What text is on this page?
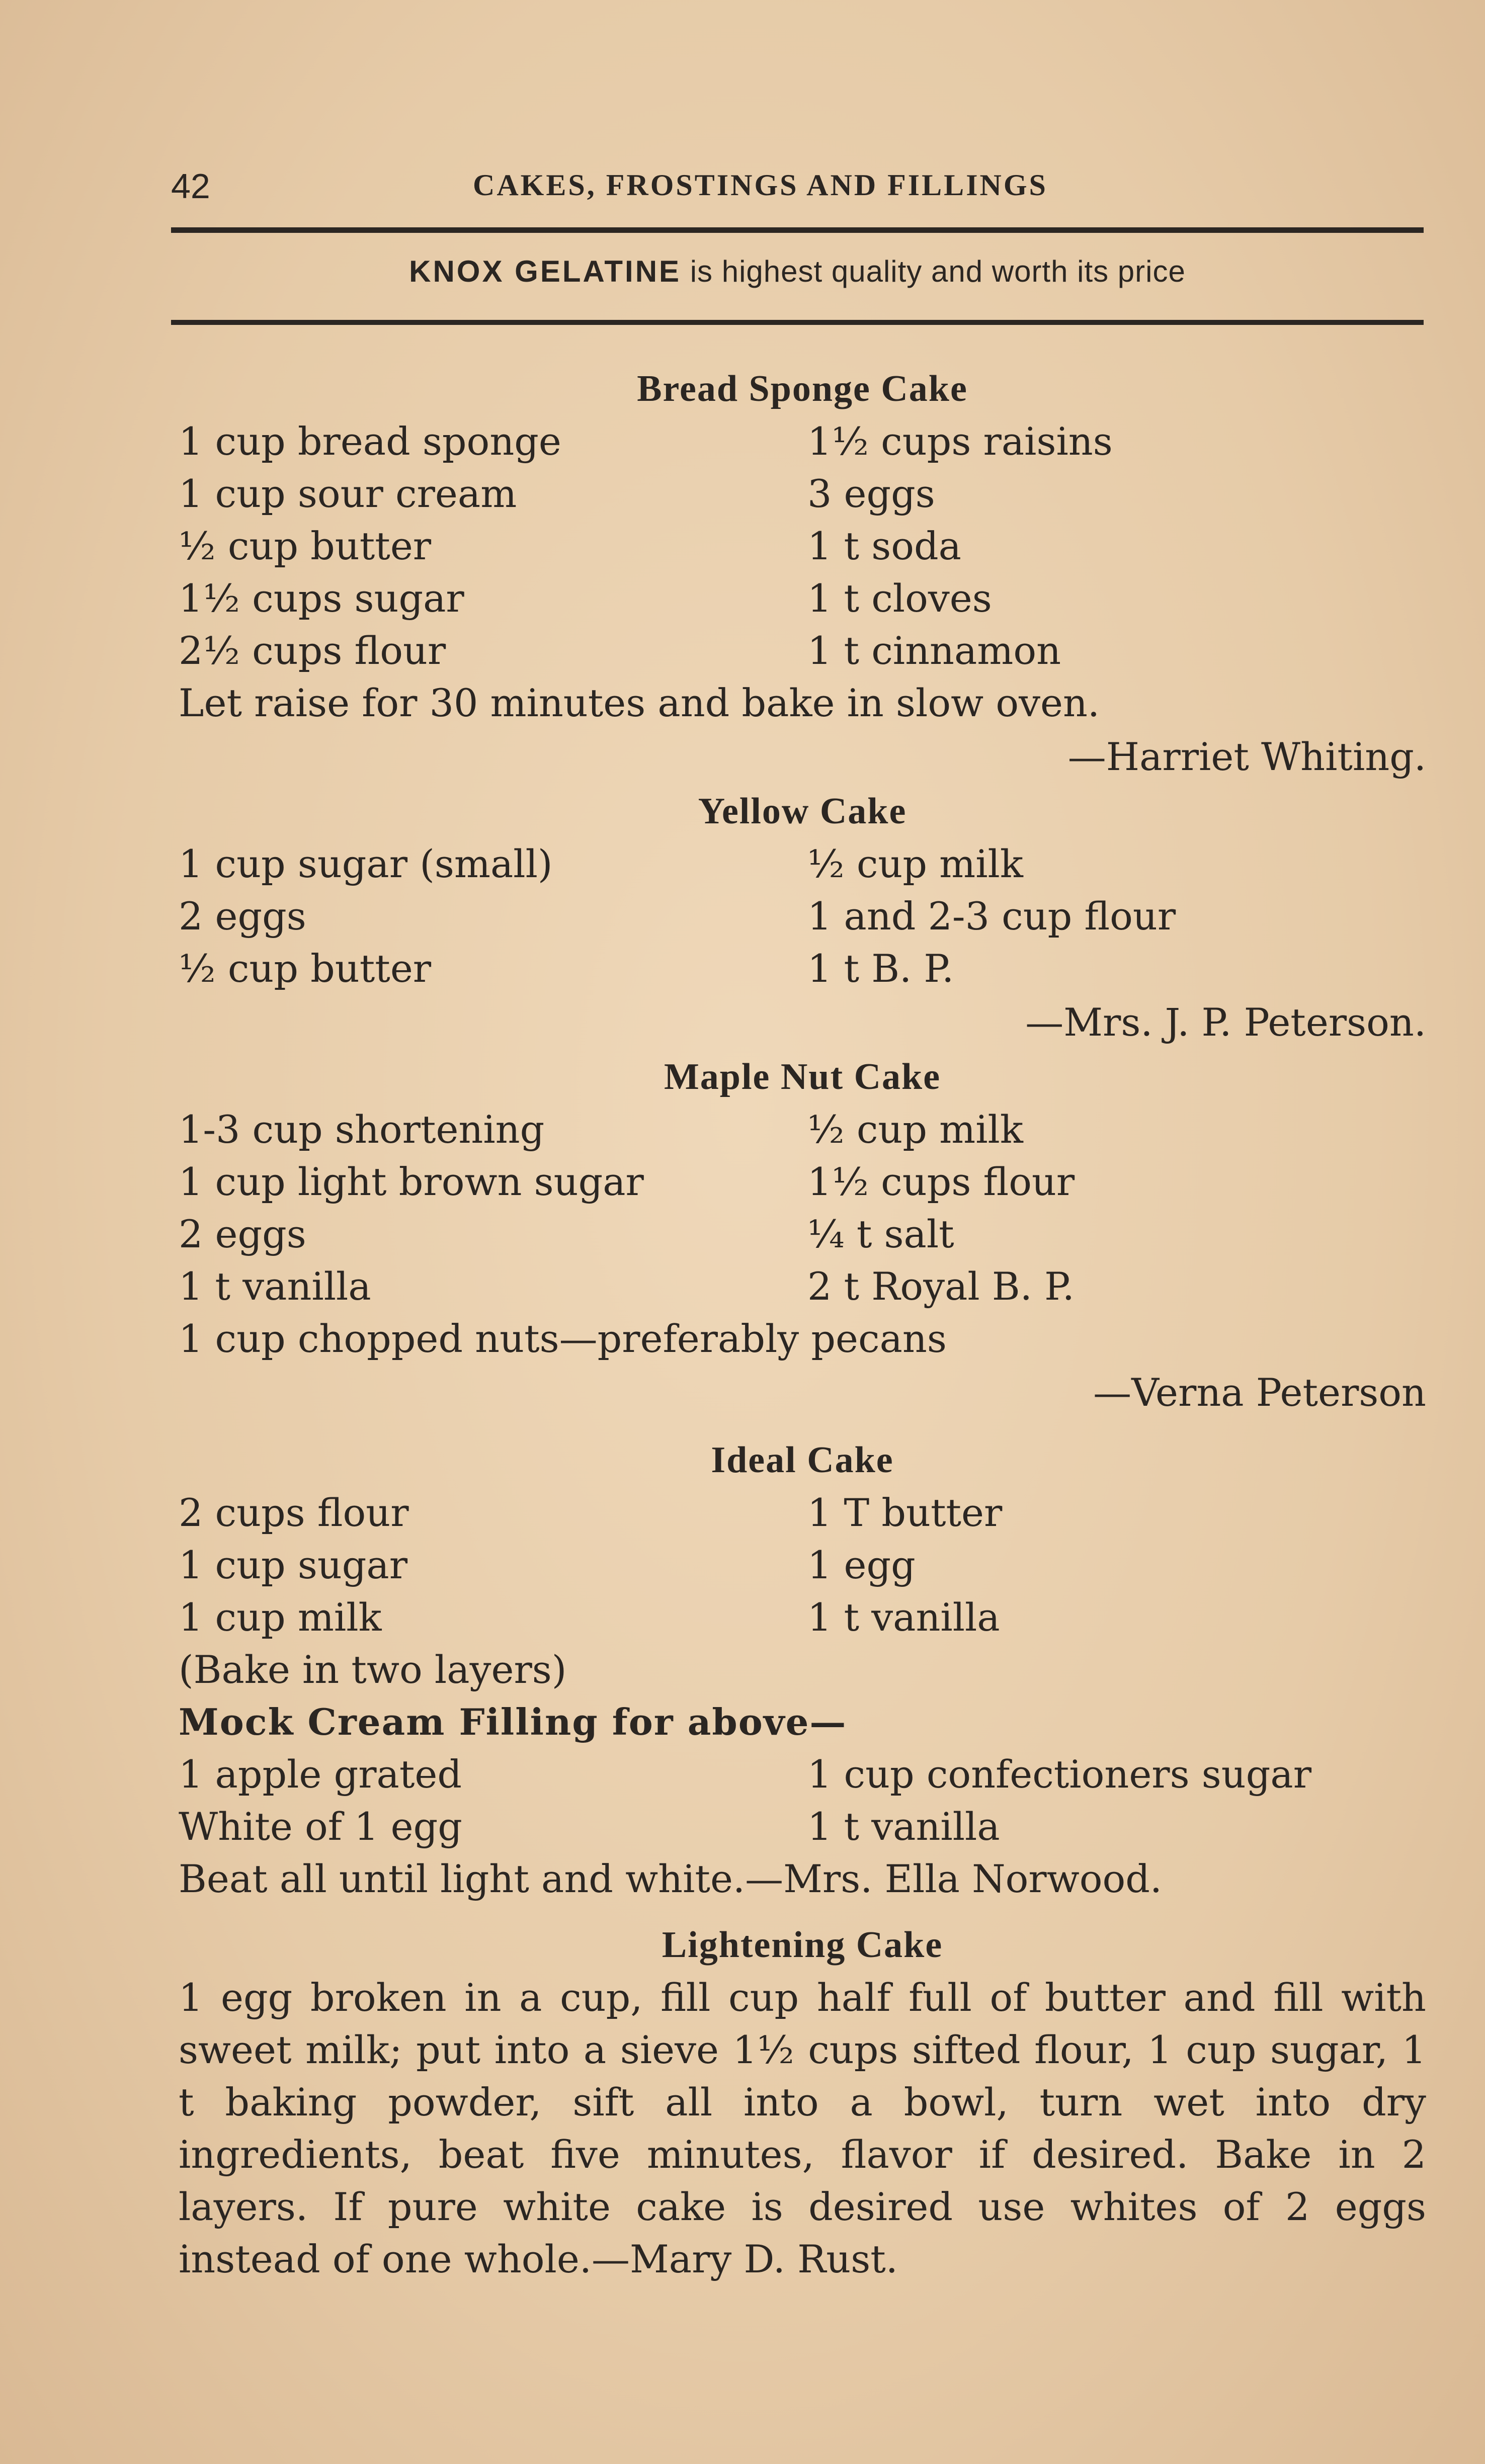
42	CAKES, FROSTINGS AND FILLINGS
KNOX GELATINE is highest quality and worth its price
Bread Sponge Cake
1 cup bread sponge	1½ cups raisins
1 cup sour cream	3 eggs
½ cup butter	1 t soda
1½ cups sugar	1 t cloves
2½ cups flour	1 t cinnamon
Let raise for 30 minutes and bake in slow oven.
—Harriet Whiting.
Yellow Cake
1 cup sugar (small)	½ cup milk
2 eggs	1 and 2-3 cup flour
½ cup butter	1 t B. P.
—Mrs. J. P. Peterson.
Maple Nut Cake
1-3 cup shortening	½ cup milk
1 cup light brown sugar	1½ cups flour
2 eggs	¼ t salt
1 t vanilla	2 t Royal B. P.
1 cup chopped nuts—preferably pecans
—Verna Peterson
Ideal Cake
2 cups flour	1 T butter
1 cup sugar	1 egg
1 cup milk	1 t vanilla
(Bake in two layers)
Mock Cream Filling for above—
1 apple grated	1 cup confectioners sugar
White of 1 egg	1 t vanilla
Beat all until light and white.—Mrs. Ella Norwood.
Lightening Cake
1 egg broken in a cup, fill cup half full of butter and fill with sweet milk; put into a sieve 1½ cups sifted flour, 1 cup sugar, 1 t baking powder, sift all into a bowl, turn wet into dry ingredients, beat five minutes, flavor if desired. Bake in 2 layers. If pure white cake is desired use whites of 2 eggs instead of one whole.—Mary D. Rust.
